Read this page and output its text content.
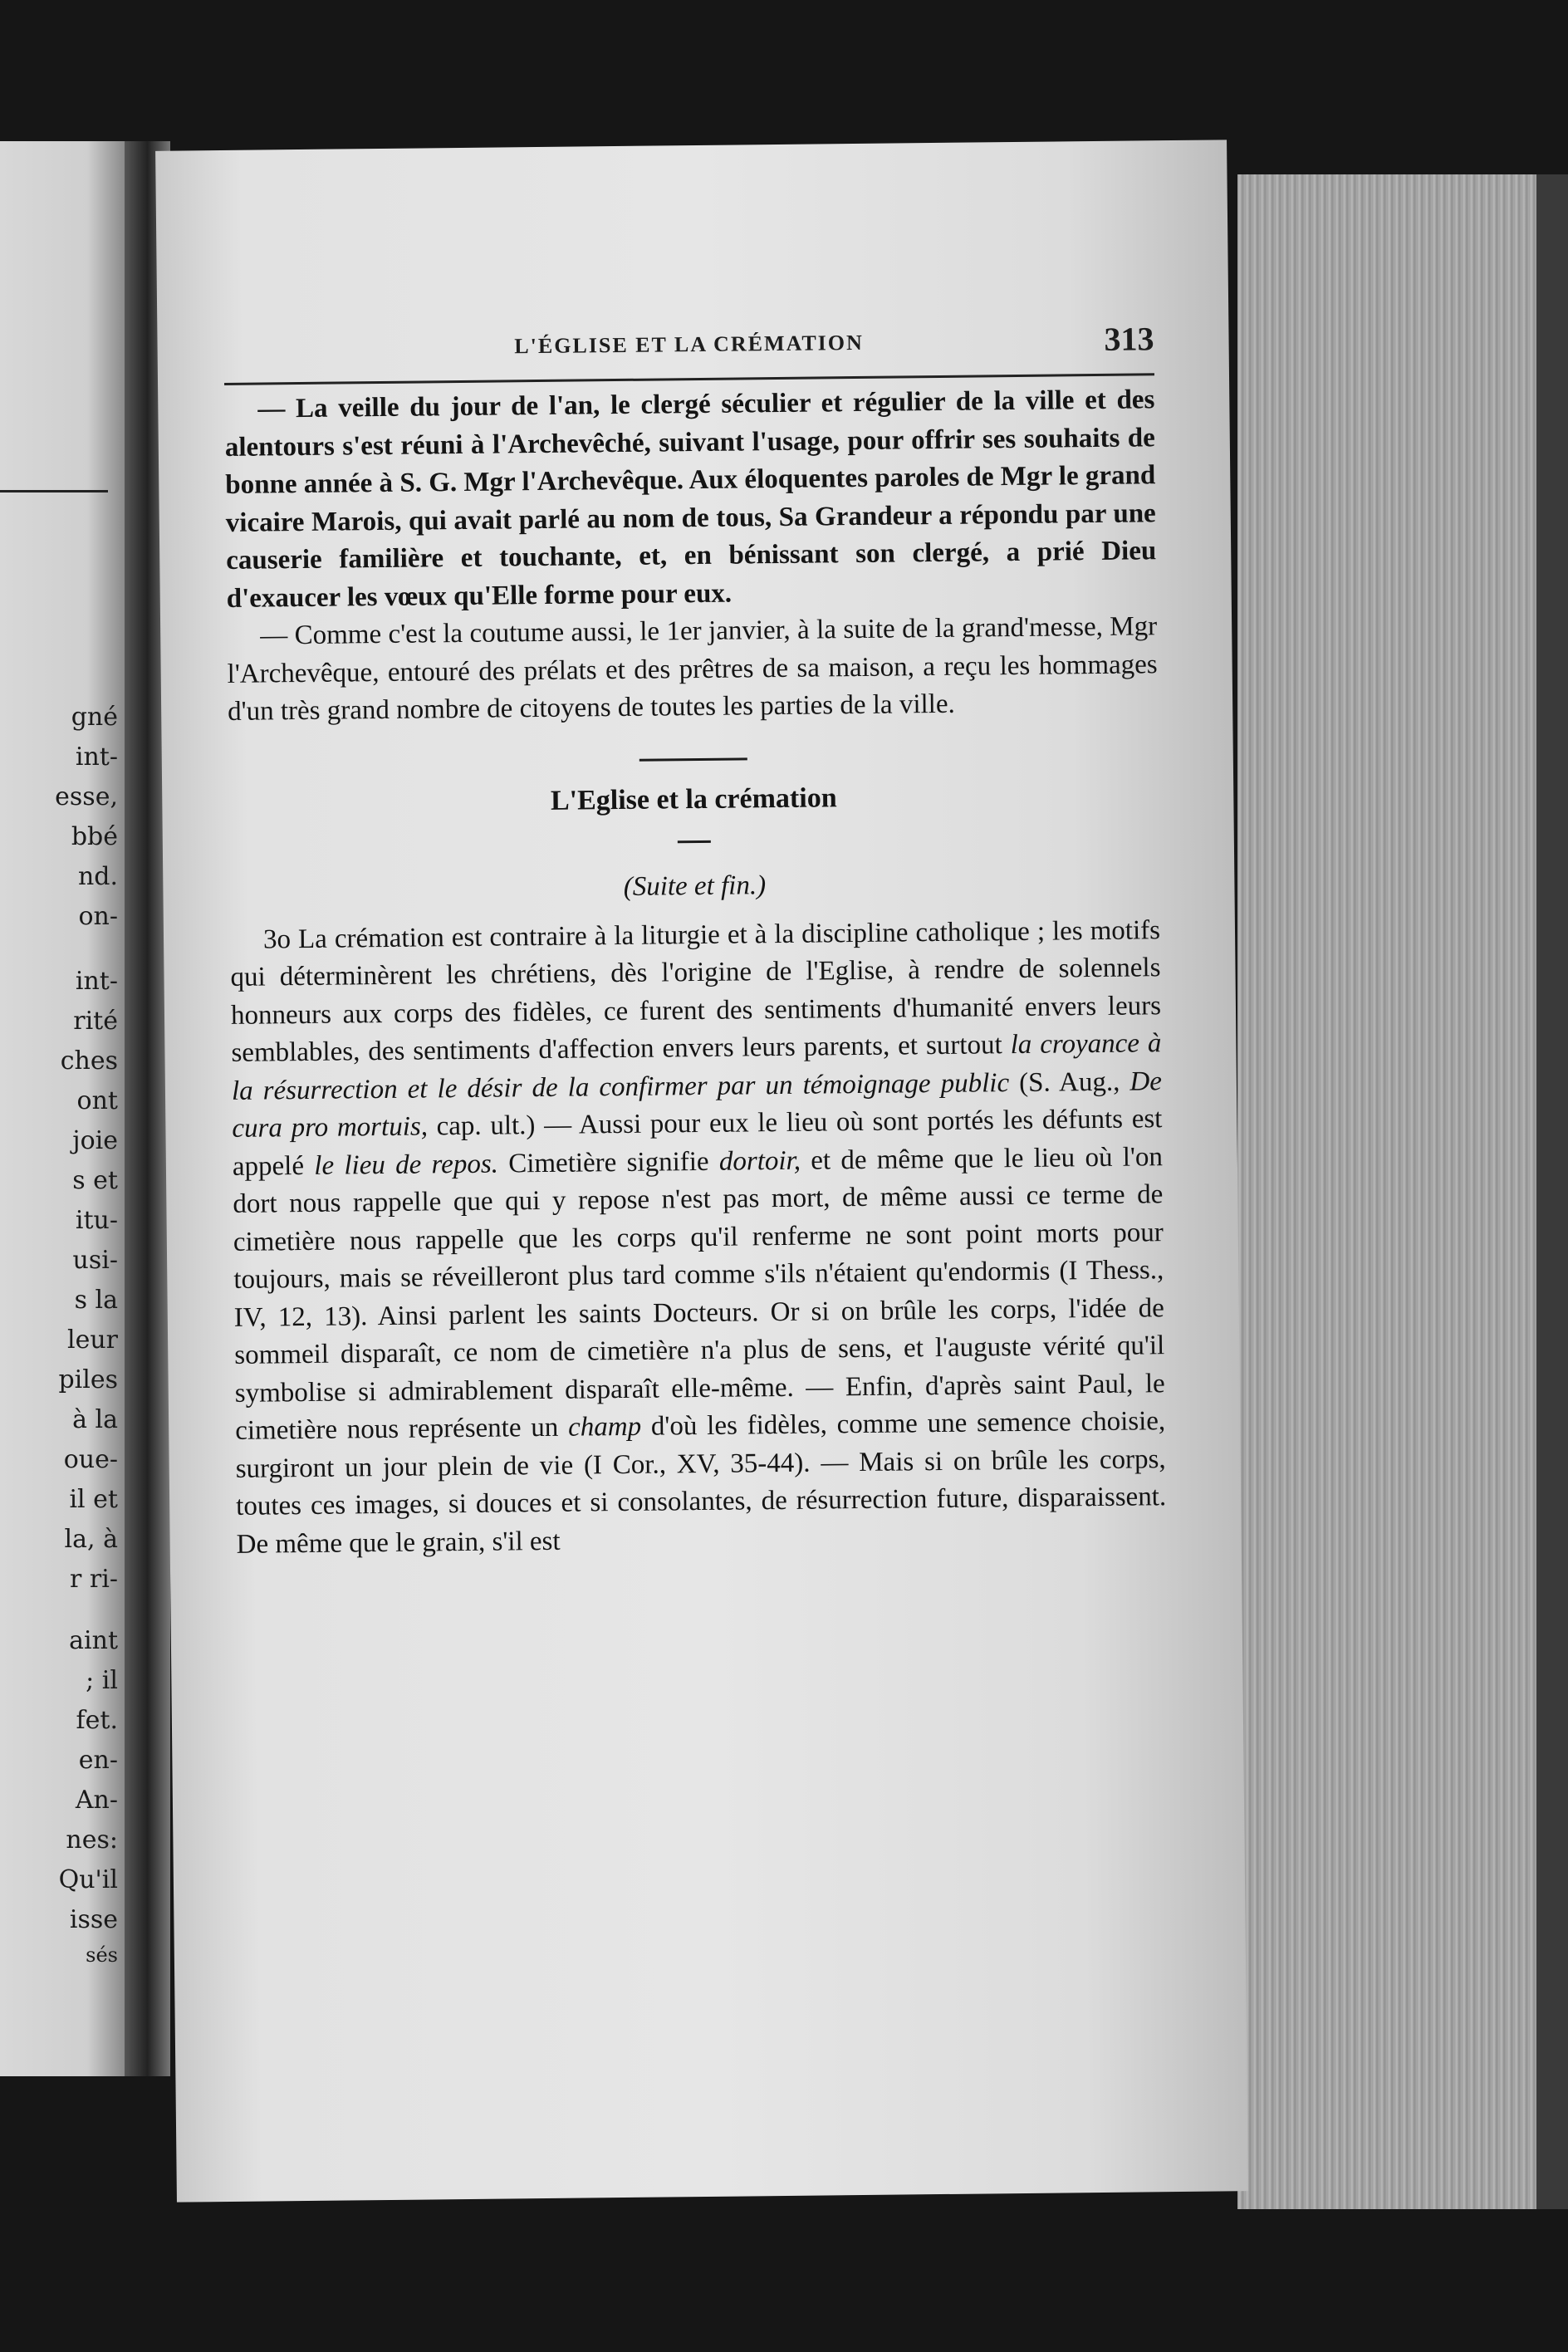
gné
int-
esse,
bbé
nd.
on-
int-
rité
ches
ont
joie
s et
itu-
usi-
s la
leur
piles
à la
oue-
il et
la, à
r ri-
aint
; il
fet.
en-
An-
nes:
Qu'il
isse
sés
L'ÉGLISE ET LA CRÉMATION	313

— La veille du jour de l'an, le clergé séculier et régulier de la ville et des alentours s'est réuni à l'Archevêché, suivant l'usage, pour offrir ses souhaits de bonne année à S. G. Mgr l'Archevêque. Aux éloquentes paroles de Mgr le grand vicaire Marois, qui avait parlé au nom de tous, Sa Grandeur a répondu par une causerie familière et touchante, et, en bénissant son clergé, a prié Dieu d'exaucer les vœux qu'Elle forme pour eux.

— Comme c'est la coutume aussi, le 1er janvier, à la suite de la grand'messe, Mgr l'Archevêque, entouré des prélats et des prêtres de sa maison, a reçu les hommages d'un très grand nombre de citoyens de toutes les parties de la ville.

L'Eglise et la crémation
(Suite et fin.)

3o La crémation est contraire à la liturgie et à la discipline catholique ; les motifs qui déterminèrent les chrétiens, dès l'origine de l'Eglise, à rendre de solennels honneurs aux corps des fidèles, ce furent des sentiments d'humanité envers leurs semblables, des sentiments d'affection envers leurs parents, et surtout la croyance à la résurrection et le désir de la confirmer par un témoignage public (S. Aug., De cura pro mortuis, cap. ult.) — Aussi pour eux le lieu où sont portés les défunts est appelé le lieu de repos. Cimetière signifie dortoir, et de même que le lieu où l'on dort nous rappelle que qui y repose n'est pas mort, de même aussi ce terme de cimetière nous rappelle que les corps qu'il renferme ne sont point morts pour toujours, mais se réveilleront plus tard comme s'ils n'étaient qu'endormis (I Thess., IV, 12, 13). Ainsi parlent les saints Docteurs. Or si on brûle les corps, l'idée de sommeil disparaît, ce nom de cimetière n'a plus de sens, et l'auguste vérité qu'il symbolise si admirablement disparaît elle-même. — Enfin, d'après saint Paul, le cimetière nous représente un champ d'où les fidèles, comme une semence choisie, surgiront un jour plein de vie (I Cor., XV, 35-44). — Mais si on brûle les corps, toutes ces images, si douces et si consolantes, de résurrection future, disparaissent. De même que le grain, s'il est
